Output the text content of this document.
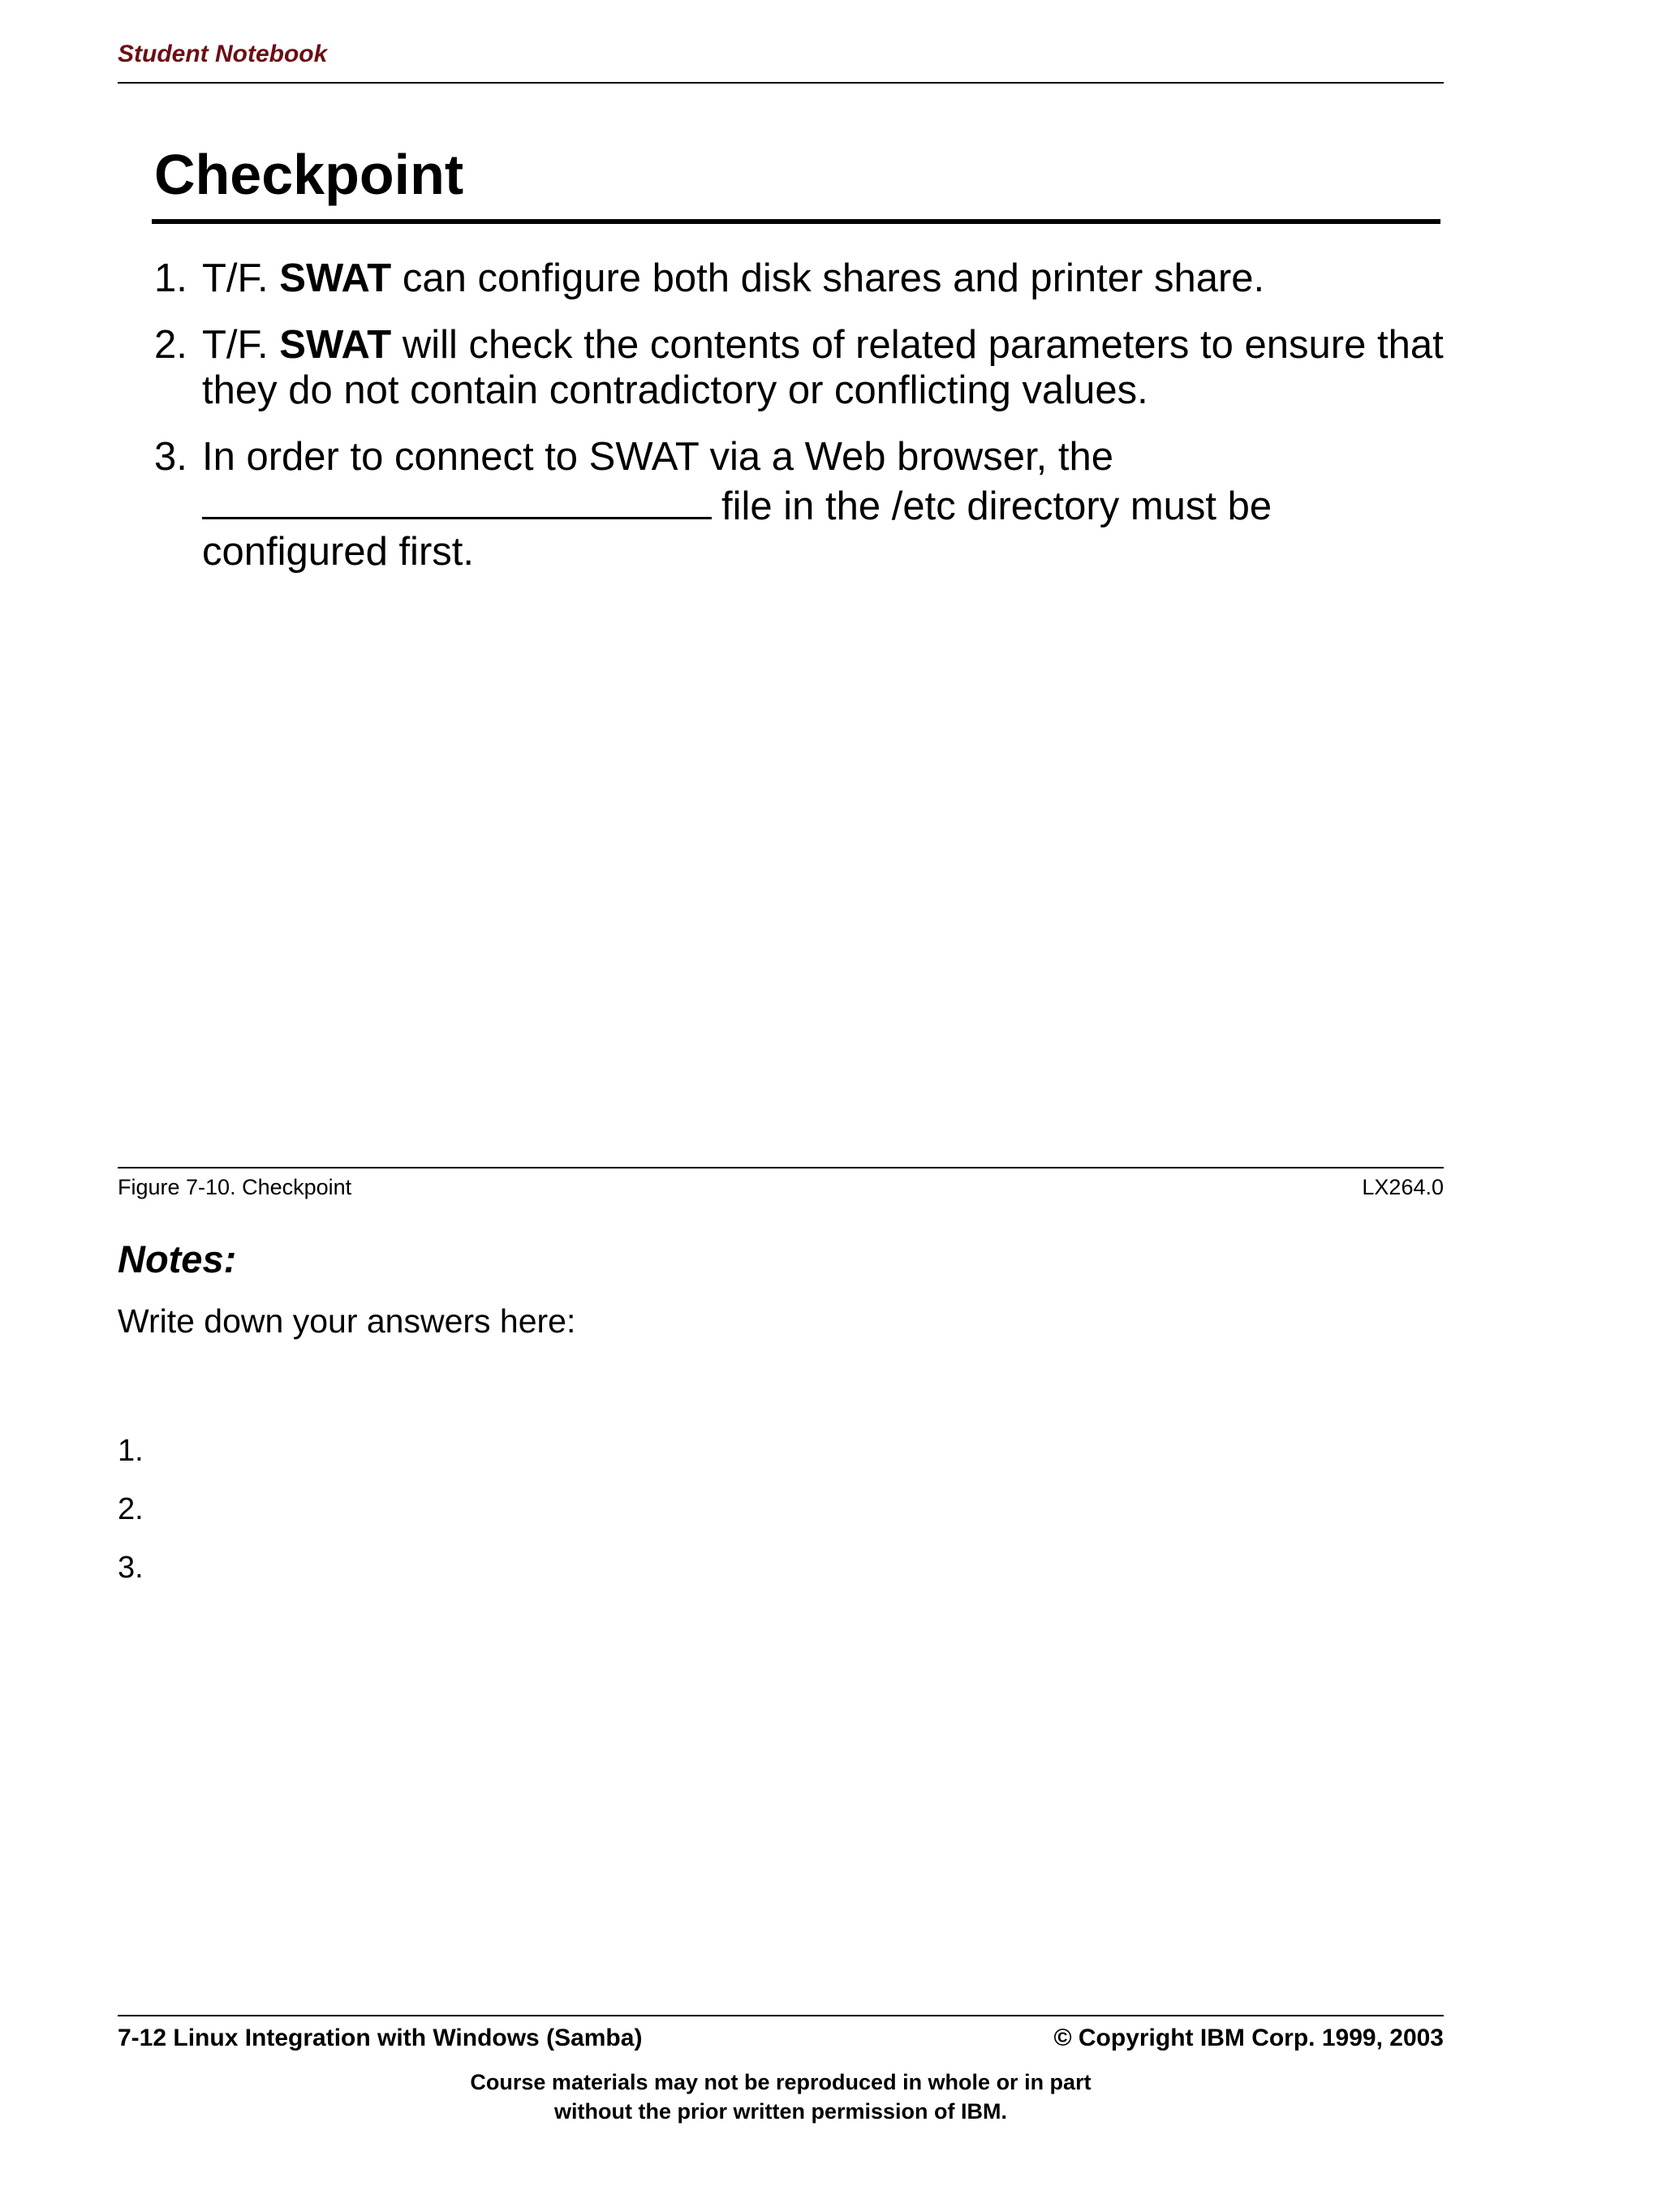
Student Notebook
Checkpoint
1. T/F. SWAT can configure both disk shares and printer share.
2. T/F. SWAT will check the contents of related parameters to ensure that they do not contain contradictory or conflicting values.
3. In order to connect to SWAT via a Web browser, the
file in the /etc directory must be configured first.
Figure 7-10. Checkpoint	LX264.0
Notes:
Write down your answers here:
1.
2.
3.
7-12 Linux Integration with Windows (Samba)	© Copyright IBM Corp. 1999, 2003
Course materials may not be reproduced in whole or in part
without the prior written permission of IBM.
